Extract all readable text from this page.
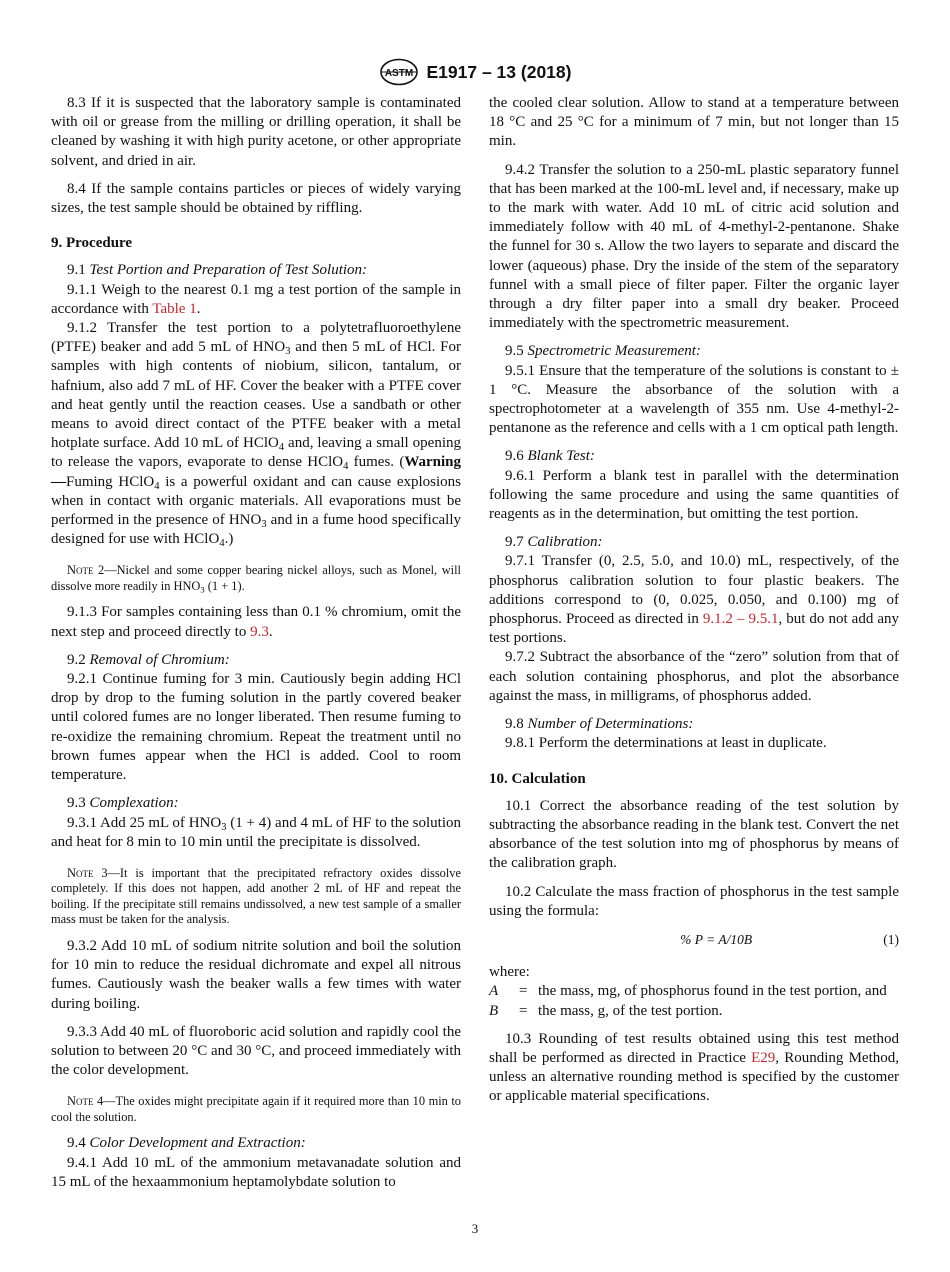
ASTM E1917 – 13 (2018)

8.3 If it is suspected that the laboratory sample is contaminated with oil or grease from the milling or drilling operation, it shall be cleaned by washing it with high purity acetone, or other appropriate solvent, and dried in air.

8.4 If the sample contains particles or pieces of widely varying sizes, the test sample should be obtained by riffling.

9. Procedure

9.1 Test Portion and Preparation of Test Solution:

9.1.1 Weigh to the nearest 0.1 mg a test portion of the sample in accordance with Table 1.

9.1.2 Transfer the test portion to a polytetrafluoroethylene (PTFE) beaker and add 5 mL of $HNO_3$ and then 5 mL of HCl. For samples with high contents of niobium, silicon, tantalum, or hafnium, also add 7 mL of HF. Cover the beaker with a PTFE cover and heat gently until the reaction ceases. Use a sandbath or other means to avoid direct contact of the PTFE beaker with a metal hotplate surface. Add 10 mL of HClO$_4$ and, leaving a small opening to release the vapors, evaporate to dense HClO$_4$ fumes. (Warning—Fuming HClO$_4$ is a powerful oxidant and can cause explosions when in contact with organic materials. All evaporations must be performed in the presence of $HNO_3$ and in a fume hood specifically designed for use with HClO$_4$.)

Note 2—Nickel and some copper bearing nickel alloys, such as Monel, will dissolve more readily in $HNO_3$ (1 + 1).

9.1.3 For samples containing less than 0.1 % chromium, omit the next step and proceed directly to 9.3.

9.2 Removal of Chromium:

9.2.1 Continue fuming for 3 min. Cautiously begin adding HCl drop by drop to the fuming solution in the partly covered beaker until colored fumes are no longer liberated. Then resume fuming to re-oxidize the remaining chromium. Repeat the treatment until no brown fumes appear when the HCl is added. Cool to room temperature.

9.3 Complexation:

9.3.1 Add 25 mL of $HNO_3$ (1 + 4) and 4 mL of HF to the solution and heat for 8 min to 10 min until the precipitate is dissolved.

Note 3—It is important that the precipitated refractory oxides dissolve completely. If this does not happen, add another 2 mL of HF and repeat the boiling. If the precipitate still remains undissolved, a new test sample of a smaller mass must be taken for the analysis.

9.3.2 Add 10 mL of sodium nitrite solution and boil the solution for 10 min to reduce the residual dichromate and expel all nitrous fumes. Cautiously wash the beaker walls a few times with water during boiling.

9.3.3 Add 40 mL of fluoroboric acid solution and rapidly cool the solution to between 20 °C and 30 °C, and proceed immediately with the color development.

Note 4—The oxides might precipitate again if it required more than 10 min to cool the solution.

9.4 Color Development and Extraction:

9.4.1 Add 10 mL of the ammonium metavanadate solution and 15 mL of the hexaammonium heptamolybdate solution to

the cooled clear solution. Allow to stand at a temperature between 18 °C and 25 °C for a minimum of 7 min, but not longer than 15 min.

9.4.2 Transfer the solution to a 250-mL plastic separatory funnel that has been marked at the 100-mL level and, if necessary, make up to the mark with water. Add 10 mL of citric acid solution and immediately follow with 40 mL of 4-methyl-2-pentanone. Shake the funnel for 30 s. Allow the two layers to separate and discard the lower (aqueous) phase. Dry the inside of the stem of the separatory funnel with a small piece of filter paper. Filter the organic layer through a dry filter paper into a small dry beaker. Proceed immediately with the spectrometric measurement.

9.5 Spectrometric Measurement:

9.5.1 Ensure that the temperature of the solutions is constant to ± 1 °C. Measure the absorbance of the solution with a spectrophotometer at a wavelength of 355 nm. Use 4-methyl-2-pentanone as the reference and cells with a 1 cm optical path length.

9.6 Blank Test:

9.6.1 Perform a blank test in parallel with the determination following the same procedure and using the same quantities of reagents as in the determination, but omitting the test portion.

9.7 Calibration:

9.7.1 Transfer (0, 2.5, 5.0, and 10.0) mL, respectively, of the phosphorus calibration solution to four plastic beakers. The additions correspond to (0, 0.025, 0.050, and 0.100) mg of phosphorus. Proceed as directed in 9.1.2 – 9.5.1, but do not add any test portions.

9.7.2 Subtract the absorbance of the “zero” solution from that of each solution containing phosphorus, and plot the absorbance against the mass, in milligrams, of phosphorus added.

9.8 Number of Determinations:

9.8.1 Perform the determinations at least in duplicate.

10. Calculation

10.1 Correct the absorbance reading of the test solution by subtracting the absorbance reading in the blank test. Convert the net absorbance of the test solution into mg of phosphorus by means of the calibration graph.

10.2 Calculate the mass fraction of phosphorus in the test sample using the formula:

% P = A/10B	(1)

where:

A	= the mass, mg, of phosphorus found in the test portion, and
B	= the mass, g, of the test portion.

10.3 Rounding of test results obtained using this test method shall be performed as directed in Practice E29, Rounding Method, unless an alternative rounding method is specified by the customer or applicable material specifications.

3
